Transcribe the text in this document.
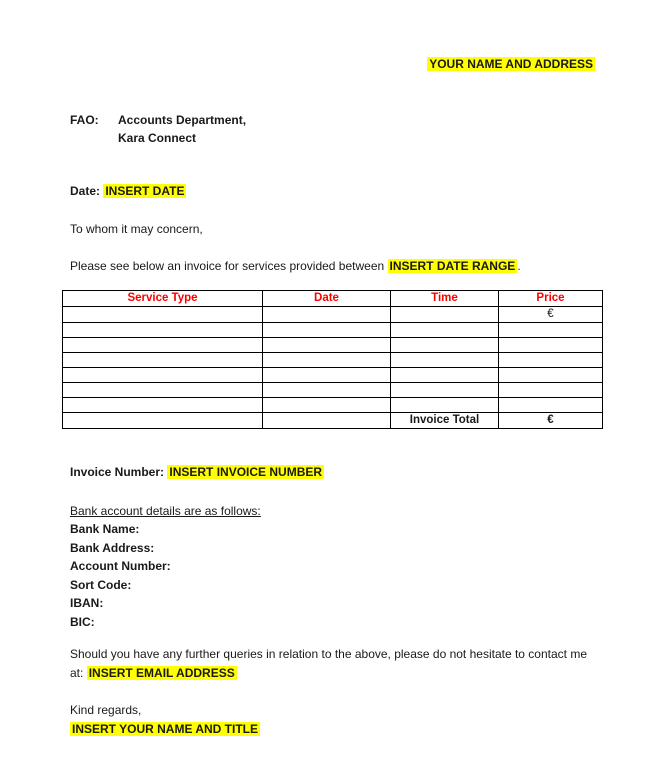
YOUR NAME AND ADDRESS
FAO: Accounts Department,
Kara Connect

Date: INSERT DATE

To whom it may concern,

Please see below an invoice for services provided between INSERT DATE RANGE .

Service Type	Date	Time	Price
			€

		Invoice Total	€

Invoice Number: INSERT INVOICE NUMBER

Bank account details are as follows:

Bank Name:
Bank Address:
Account Number:
Sort Code:
IBAN:
BIC:

Should you have any further queries in relation to the above, please do not hesitate to contact me
at: INSERT EMAIL ADDRESS

Kind regards,

INSERT YOUR NAME AND TITLE
